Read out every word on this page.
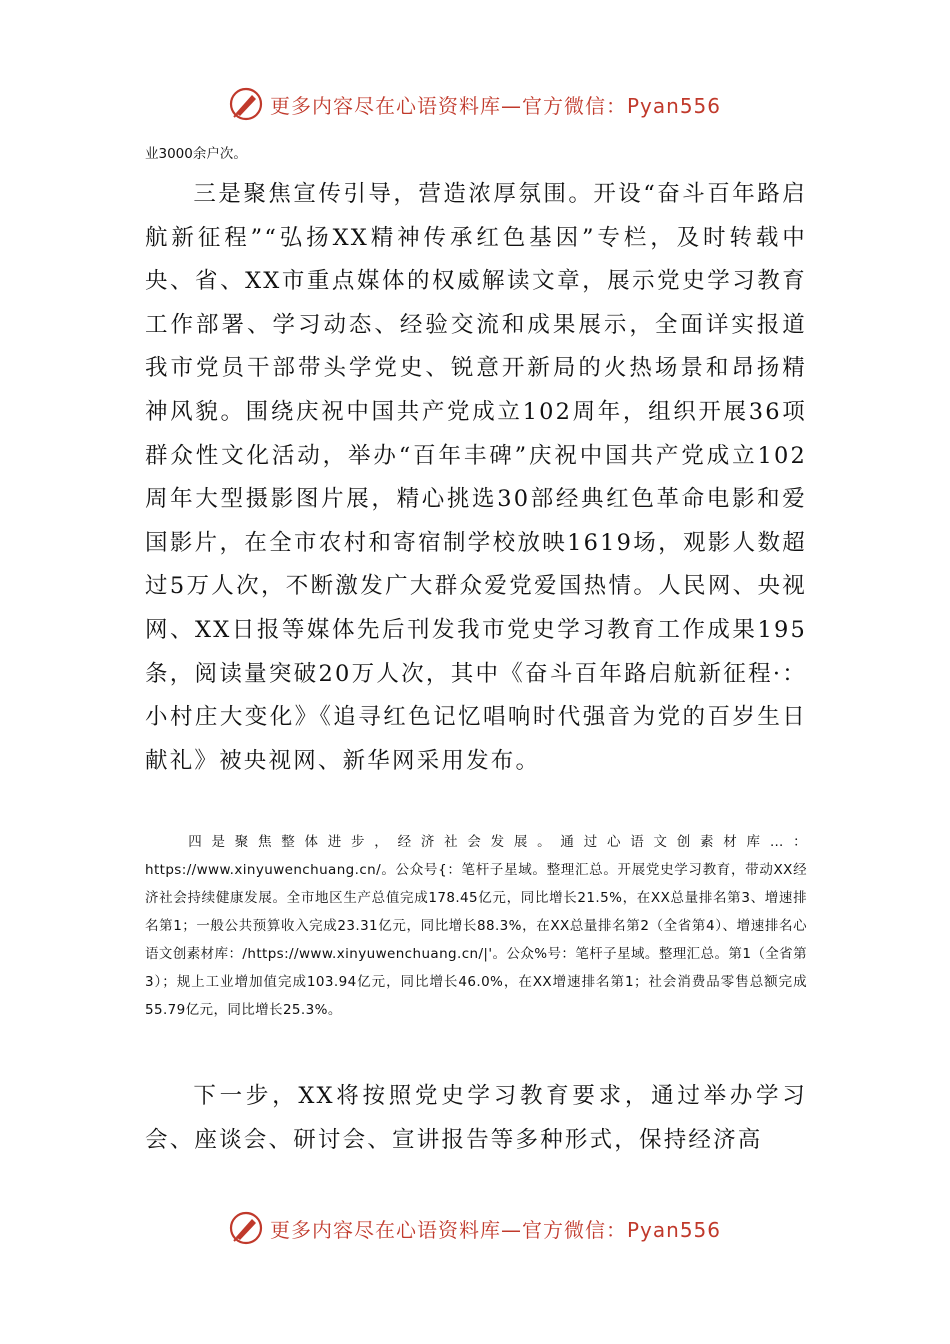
更多内容尽在心语资料库—官方微信：Pyan556

业3000余户次。

三是聚焦宣传引导，营造浓厚氛围。开设“奋斗百年路启航新征程”“弘扬XX精神传承红色基因”专栏，及时转载中央、省、XX市重点媒体的权威解读文章，展示党史学习教育工作部署、学习动态、经验交流和成果展示，全面详实报道我市党员干部带头学党史、锐意开新局的火热场景和昂扬精神风貌。围绕庆祝中国共产党成立102周年，组织开展36项群众性文化活动，举办“百年丰碑”庆祝中国共产党成立102周年大型摄影图片展，精心挑选30部经典红色革命电影和爱国影片，在全市农村和寄宿制学校放映1619场，观影人数超过5万人次，不断激发广大群众爱党爱国热情。人民网、央视网、XX日报等媒体先后刊发我市党史学习教育工作成果195条，阅读量突破20万人次，其中《奋斗百年路启航新征程·：小村庄大变化》《追寻红色记忆唱响时代强音为党的百岁生日献礼》被央视网、新华网采用发布。

四是聚焦整体进步，经济社会发展。通过心语文创素材库…：https://www.xinyuwenchuang.cn/。公众号{：笔杆子星域。整理汇总。开展党史学习教育，带动XX经济社会持续健康发展。全市地区生产总值完成178.45亿元，同比增长21.5%，在XX总量排名第3、增速排名第1；一般公共预算收入完成23.31亿元，同比增长88.3%，在XX总量排名第2（全省第4）、增速排名心语文创素材库：/https://www.xinyuwenchuang.cn/|'。公众%号：笔杆子星域。整理汇总。第1（全省第3）；规上工业增加值完成103.94亿元，同比增长46.0%，在XX增速排名第1；社会消费品零售总额完成55.79亿元，同比增长25.3%。

下一步，XX将按照党史学习教育要求，通过举办学习会、座谈会、研讨会、宣讲报告等多种形式，保持经济高

更多内容尽在心语资料库—官方微信：Pyan556
